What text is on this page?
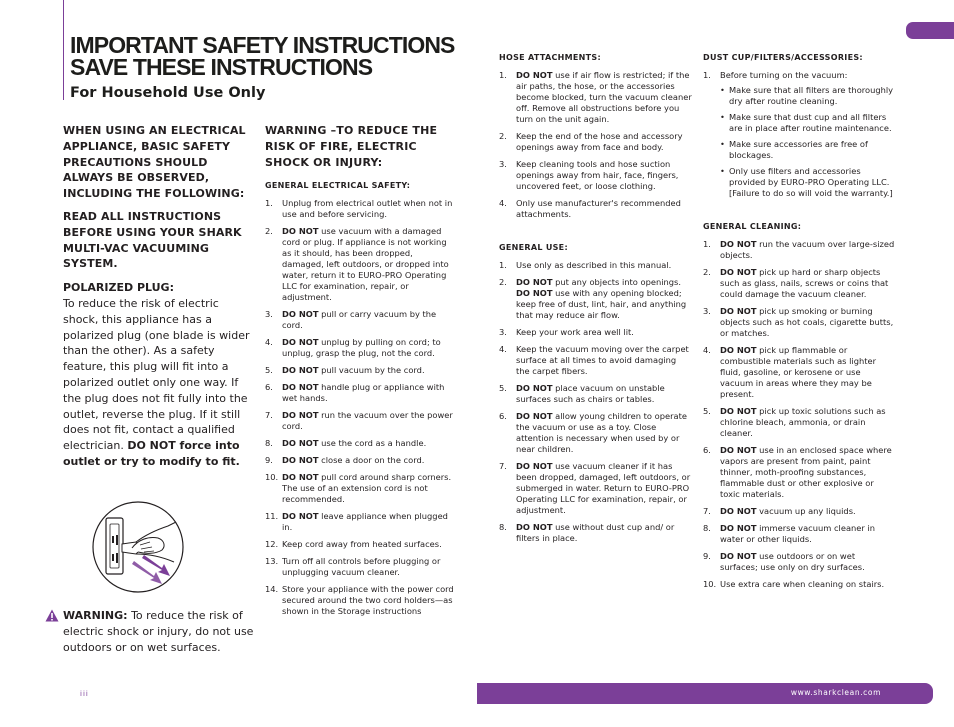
IMPORTANT SAFETY INSTRUCTIONS
SAVE THESE INSTRUCTIONS
For Household Use Only
WHEN USING AN ELECTRICAL APPLIANCE, BASIC SAFETY PRECAUTIONS SHOULD ALWAYS BE OBSERVED, INCLUDING THE FOLLOWING:
READ ALL INSTRUCTIONS BEFORE USING YOUR SHARK MULTI-VAC VACUUMING SYSTEM.
POLARIZED PLUG:
To reduce the risk of electric shock, this appliance has a polarized plug (one blade is wider than the other). As a safety feature, this plug will fit into a polarized outlet only one way. If the plug does not fit fully into the outlet, reverse the plug. If it still does not fit, contact a qualified electrician. DO NOT force into outlet or try to modify to fit.
WARNING: To reduce the risk of electric shock or injury, do not use outdoors or on wet surfaces.
WARNING –TO REDUCE THE RISK OF FIRE, ELECTRIC SHOCK OR INJURY:
GENERAL ELECTRICAL SAFETY:
1. Unplug from electrical outlet when not in use and before servicing.
2. DO NOT use vacuum with a damaged cord or plug. If appliance is not working as it should, has been dropped, damaged, left outdoors, or dropped into water, return it to EURO-PRO Operating LLC for examination, repair, or adjustment.
3. DO NOT pull or carry vacuum by the cord.
4. DO NOT unplug by pulling on cord; to unplug, grasp the plug, not the cord.
5. DO NOT pull vacuum by the cord.
6. DO NOT handle plug or appliance with wet hands.
7. DO NOT run the vacuum over the power cord.
8. DO NOT use the cord as a handle.
9. DO NOT close a door on the cord.
10. DO NOT pull cord around sharp corners. The use of an extension cord is not recommended.
11. DO NOT leave appliance when plugged in.
12. Keep cord away from heated surfaces.
13. Turn off all controls before plugging or unplugging vacuum cleaner.
14. Store your appliance with the power cord secured around the two cord holders—as shown in the Storage instructions
HOSE ATTACHMENTS:
1. DO NOT use if air flow is restricted; if the air paths, the hose, or the accessories become blocked, turn the vacuum cleaner off. Remove all obstructions before you turn on the unit again.
2. Keep the end of the hose and accessory openings away from face and body.
3. Keep cleaning tools and hose suction openings away from hair, face, fingers, uncovered feet, or loose clothing.
4. Only use manufacturer's recommended attachments.
GENERAL USE:
1. Use only as described in this manual.
2. DO NOT put any objects into openings. DO NOT use with any opening blocked; keep free of dust, lint, hair, and anything that may reduce air flow.
3. Keep your work area well lit.
4. Keep the vacuum moving over the carpet surface at all times to avoid damaging the carpet fibers.
5. DO NOT place vacuum on unstable surfaces such as chairs or tables.
6. DO NOT allow young children to operate the vacuum or use as a toy. Close attention is necessary when used by or near children.
7. DO NOT use vacuum cleaner if it has been dropped, damaged, left outdoors, or submerged in water. Return to EURO-PRO Operating LLC for examination, repair, or adjustment.
8. DO NOT use without dust cup and/ or filters in place.
DUST CUP/FILTERS/ACCESSORIES:
1. Before turning on the vacuum:
• Make sure that all filters are thoroughly dry after routine cleaning.
• Make sure that dust cup and all filters are in place after routine maintenance.
• Make sure accessories are free of blockages.
• Only use filters and accessories provided by EURO-PRO Operating LLC. [Failure to do so will void the warranty.]
GENERAL CLEANING:
1. DO NOT run the vacuum over large-sized objects.
2. DO NOT pick up hard or sharp objects such as glass, nails, screws or coins that could damage the vacuum cleaner.
3. DO NOT pick up smoking or burning objects such as hot coals, cigarette butts, or matches.
4. DO NOT pick up flammable or combustible materials such as lighter fluid, gasoline, or kerosene or use vacuum in areas where they may be present.
5. DO NOT pick up toxic solutions such as chlorine bleach, ammonia, or drain cleaner.
6. DO NOT use in an enclosed space where vapors are present from paint, paint thinner, moth-proofing substances, flammable dust or other explosive or toxic materials.
7. DO NOT vacuum up any liquids.
8. DO NOT immerse vacuum cleaner in water or other liquids.
9. DO NOT use outdoors or on wet surfaces; use only on dry surfaces.
10. Use extra care when cleaning on stairs.
iii	www.sharkclean.com
